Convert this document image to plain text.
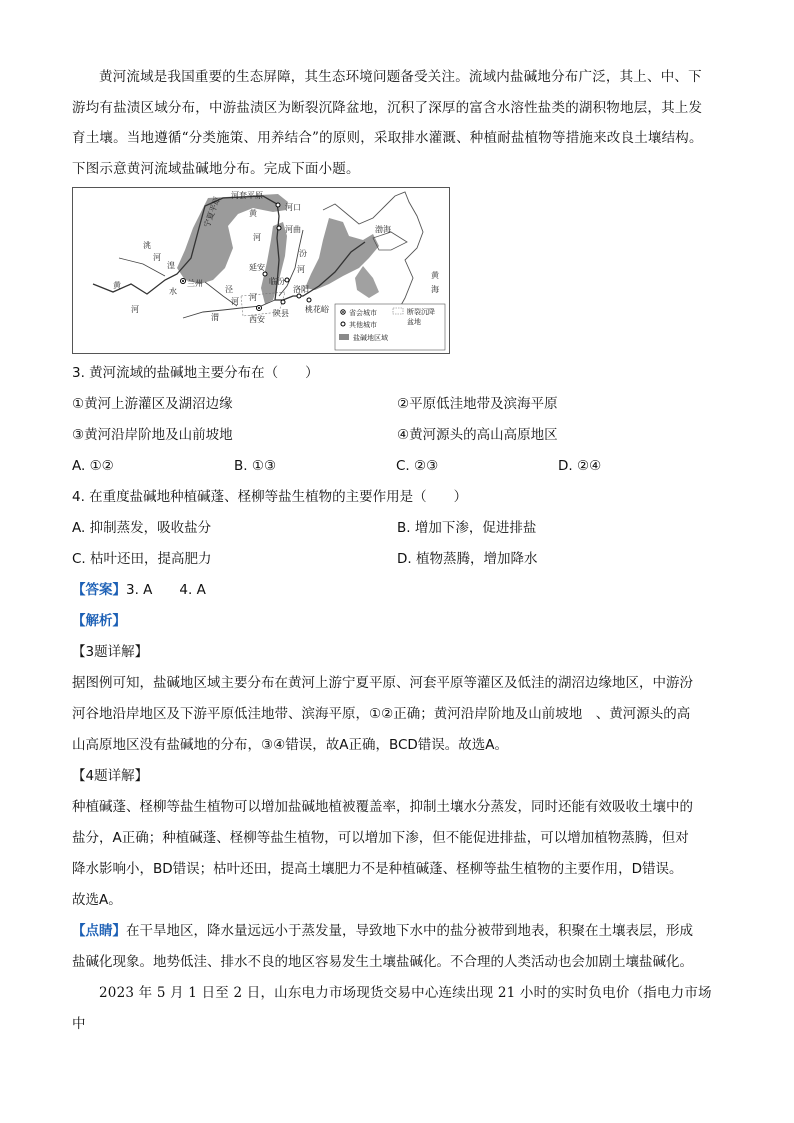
黄河流域是我国重要的生态屏障，其生态环境问题备受关注。流域内盐碱地分布广泛，其上、中、下

游均有盐渍区域分布，中游盐渍区为断裂沉降盆地，沉积了深厚的富含水溶性盐类的湖积物地层，其上发

育土壤。当地遵循“分类施策、用养结合”的原则，采取排水灌溉、种植耐盐植物等措施来改良土壤结构。

下图示意黄河流域盐碱地分布。完成下面小题。

河套平原
宁夏平原	黄
河
河口
河曲
汾
河
渤海
黄
海
洮
河
兰州
黄
河
湟
水
延安
临汾
泾
河
渭
河
洛阳
西安
陕县 桃花峪	省会城市
其他城市
盐碱地区域
断裂沉降
盆地

3. 黄河流域的盐碱地主要分布在（　　）

①黄河上游灌区及湖沼边缘	②平原低洼地带及滨海平原

③黄河沿岸阶地及山前坡地	④黄河源头的高山高原地区

A. ①②	B. ①③	C. ②③	D. ②④

4. 在重度盐碱地种植碱蓬、柽柳等盐生植物的主要作用是（　　）

A. 抑制蒸发，吸收盐分	B. 增加下渗，促进排盐

C. 枯叶还田，提高肥力	D. 植物蒸腾，增加降水

【答案】3. A　　4. A

【解析】

【3题详解】

据图例可知，盐碱地区域主要分布在黄河上游宁夏平原、河套平原等灌区及低洼的湖沼边缘地区，中游汾

河谷地沿岸地区及下游平原低洼地带、滨海平原，①②正确；黄河沿岸阶地及山前坡地　、黄河源头的高

山高原地区没有盐碱地的分布，③④错误，故A正确，BCD错误。故选A。

【4题详解】

种植碱蓬、柽柳等盐生植物可以增加盐碱地植被覆盖率，抑制土壤水分蒸发，同时还能有效吸收土壤中的

盐分，A正确；种植碱蓬、柽柳等盐生植物，可以增加下渗，但不能促进排盐，可以增加植物蒸腾，但对

降水影响小，BD错误；枯叶还田，提高土壤肥力不是种植碱蓬、柽柳等盐生植物的主要作用，D错误。

故选A。

【点睛】在干旱地区，降水量远远小于蒸发量，导致地下水中的盐分被带到地表，积聚在土壤表层，形成

盐碱化现象。地势低洼、排水不良的地区容易发生土壤盐碱化。不合理的人类活动也会加剧土壤盐碱化。

2023 年 5 月 1 日至 2 日，山东电力市场现货交易中心连续出现 21 小时的实时负电价（指电力市场中
